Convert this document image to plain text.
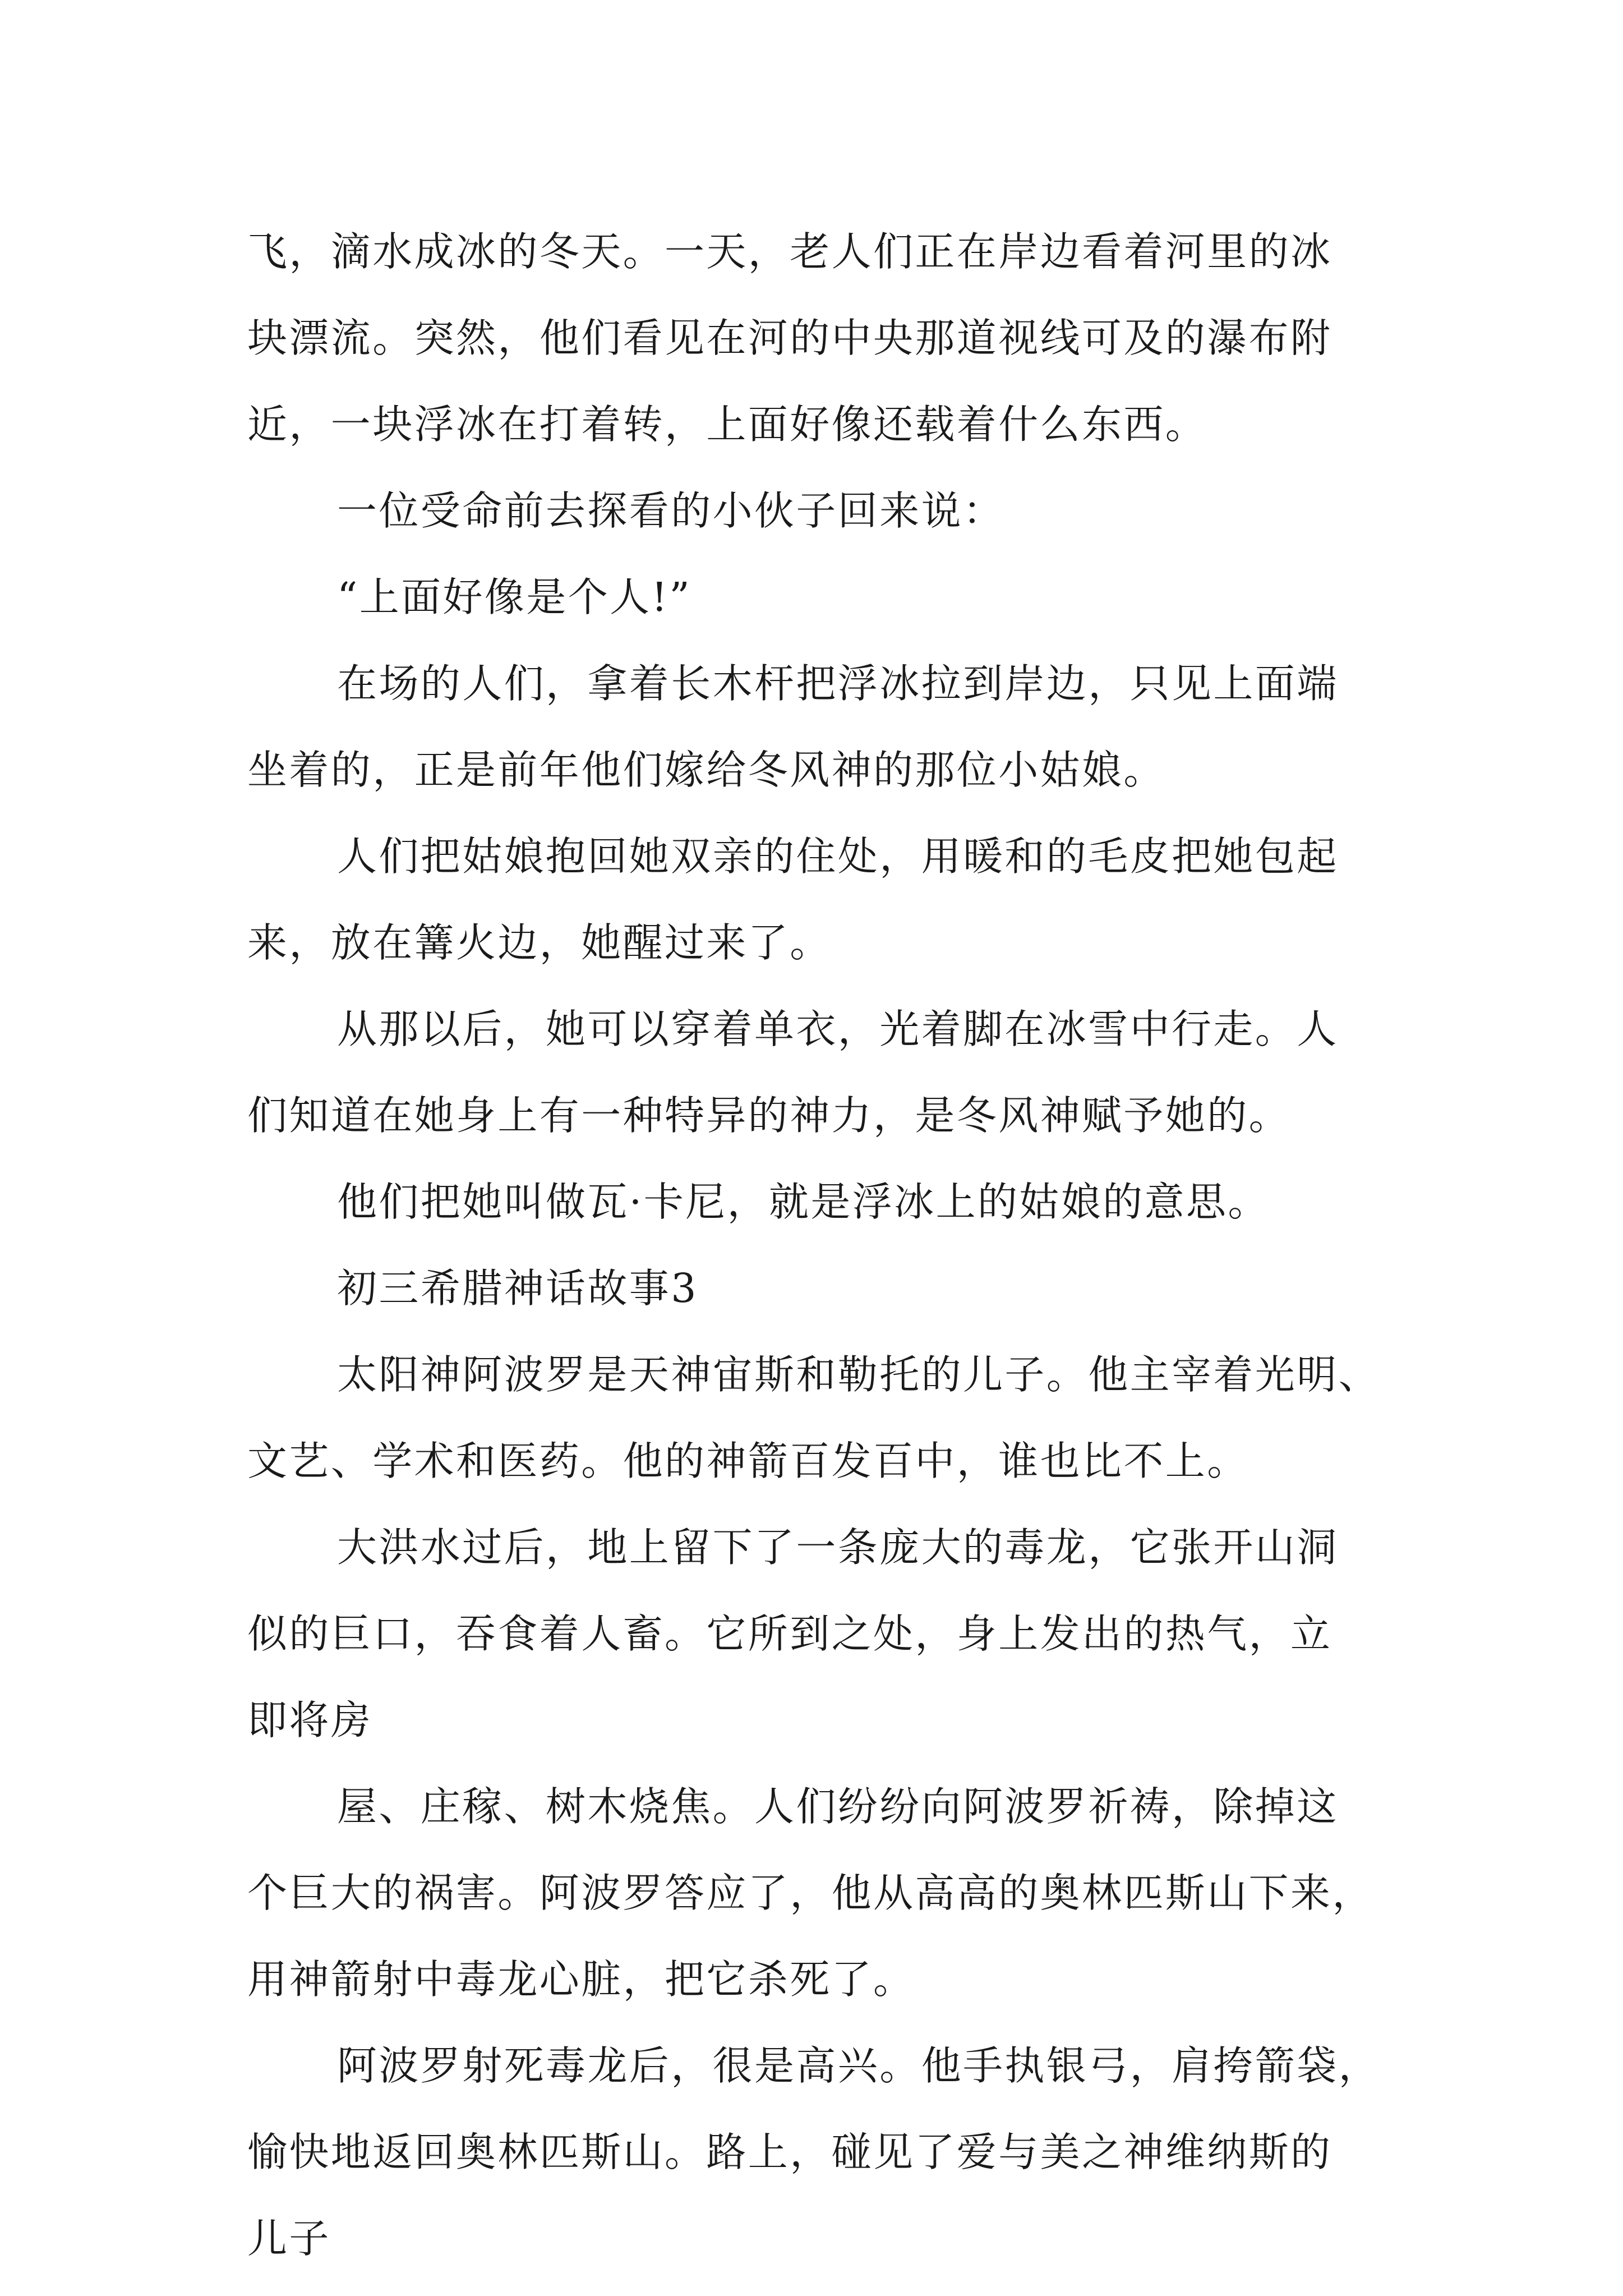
飞，滴水成冰的冬天。一天，老人们正在岸边看着河里的冰
块漂流。突然，他们看见在河的中央那道视线可及的瀑布附
近，一块浮冰在打着转，上面好像还载着什么东西。
一位受命前去探看的小伙子回来说：
“上面好像是个人!”
在场的人们，拿着长木杆把浮冰拉到岸边，只见上面端
坐着的，正是前年他们嫁给冬风神的那位小姑娘。
人们把姑娘抱回她双亲的住处，用暖和的毛皮把她包起
来，放在篝火边，她醒过来了。
从那以后，她可以穿着单衣，光着脚在冰雪中行走。人
们知道在她身上有一种特异的神力，是冬风神赋予她的。
他们把她叫做瓦·卡尼，就是浮冰上的姑娘的意思。
初三希腊神话故事3
太阳神阿波罗是天神宙斯和勒托的儿子。他主宰着光明、
文艺、学术和医药。他的神箭百发百中，谁也比不上。
大洪水过后，地上留下了一条庞大的毒龙，它张开山洞
似的巨口，吞食着人畜。它所到之处，身上发出的热气，立
即将房
屋、庄稼、树木烧焦。人们纷纷向阿波罗祈祷，除掉这
个巨大的祸害。阿波罗答应了，他从高高的奥林匹斯山下来，
用神箭射中毒龙心脏，把它杀死了。
阿波罗射死毒龙后，很是高兴。他手执银弓，肩挎箭袋，
愉快地返回奥林匹斯山。路上，碰见了爱与美之神维纳斯的
儿子
